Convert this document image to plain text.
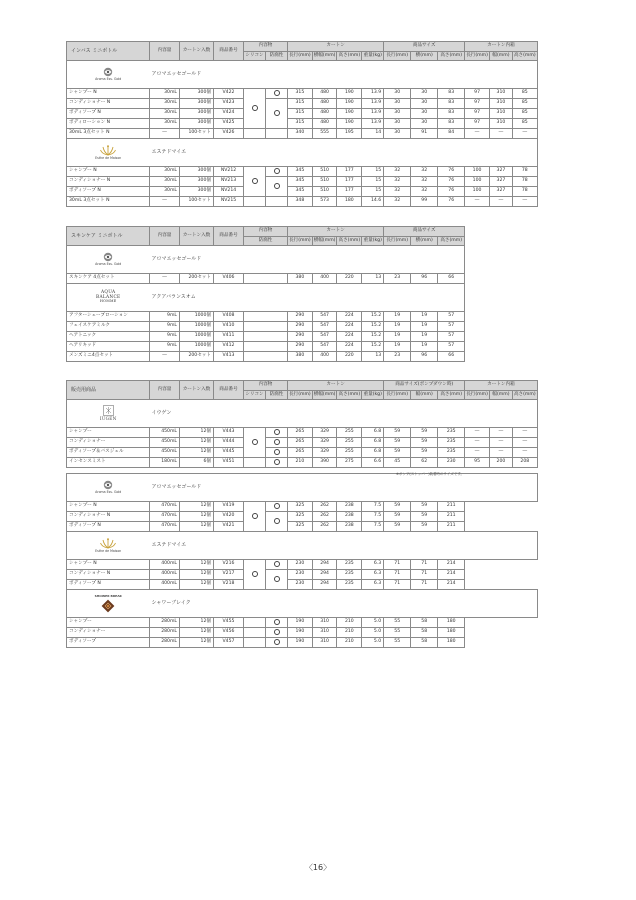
インバス ミニボトル	内容量	カートン入数	商品番号	内容物		カートン				商品サイズ			カートン内箱		
				シリコン	防腐性	長行(mm)	横幅(mm)	高さ(mm)	重量(kg)	長行(mm)	横(mm)	高さ(mm)	長行(mm)	幅(mm)	高さ(mm)

Aroma Ess. Gold	アロマエッセゴールド														
シャンプー N	30mL	300個	V422			315	480	190	13.9	30	30	83	97	310	85
コンディショナー N	30mL	300個	V423			315	480	190	13.9	30	30	83	97	310	85
ボディソープ N	30mL	300個	V424			315	480	190	13.9	30	30	83	97	310	85
ボディローション N	30mL	300個	V425			315	480	190	13.9	30	30	83	97	310	85
30mL 3点セット N	―	100セット	V426			340	555	195	14	30	91	84	―	―	―

Esthe de Maison	エステドマイエ														
シャンプー N	30mL	300個	NV212			345	510	177	15	32	32	76	100	327	78
コンディショナー N	30mL	300個	NV213			345	510	177	15	32	32	76	100	327	78
ボディソープ N	30mL	300個	NV214			345	510	177	15	32	32	76	100	327	78
30mL 3点セット N	―	100セット	NV215			348	573	180	14.6	32	99	76	―	―	―
スキンケア ミニボトル	内容量	カートン入数	商品番号	内容物	カートン				商品サイズ		
				防腐性	長行(mm)	横幅(mm)	高さ(mm)	重量(kg)	長行(mm)	横(mm)	高さ(mm)

Aroma Ess. Gold	アロマエッセゴールド										
スキンケア 4点セット	―	200セット	V406		380	400	220	13	23	96	66

AQUA
BALANCE
HOMME	アクアバランスオム										
アフターシェーブローション	9mL	1000個	V408		290	547	224	15.2	19	19	57
フェイスケアミルク	9mL	1000個	V410		290	547	224	15.2	19	19	57
ヘアトニック	9mL	1000個	V411		290	547	224	15.2	19	19	57
ヘアリキッド	9mL	1000個	V412		290	547	224	15.2	19	19	57
メンズミニ4点セット	―	200セット	V413		380	400	220	13	23	96	66
販売用商品	内容量	カートン入数	商品番号	内容物		カートン				商品サイズ(ポンプダウン時)			カートン内箱		
				シリコン	防腐性	長行(mm)	横幅(mm)	高さ(mm)	重量(kg)	長行(mm)	幅(mm)	高さ(mm)	長行(mm)	幅(mm)	高さ(mm)

IUGEN	イウゲン														
シャンプー	450mL	12個	V443			265	329	255	6.8	59	59	235	―	―	―
コンディショナー	450mL	12個	V444			265	329	255	6.8	59	59	235	―	―	―
ボディソープ＆バスジェル	450mL	12個	V445			265	329	255	6.8	59	59	235	―	―	―
インセンスミスト	180mL	6個	V451			210	390	275	6.6	45	62	230	95	200	208

Aroma Ess. Gold	アロマエッセゴールド														
シャンプー N	470mL	12個	V419			325	262	238	7.5	59	59	211			
コンディショナー N	470mL	12個	V420			325	262	238	7.5	59	59	211			
ボディソープ N	470mL	12個	V421			325	262	238	7.5	59	59	211			

Esthe de Maison	エステドマイエ														
シャンプー N	400mL	12個	V216			230	294	235	6.3	71	71	214			
コンディショナー N	400mL	12個	V217			230	294	235	6.3	71	71	214			
ボディソープ N	400mL	12個	V218			230	294	235	6.3	71	71	214			

SHOWER BREAK	シャワーブレイク														
シャンプー	280mL	12個	V455			190	310	210	5.0	55	58	180			
コンディショナー	280mL	12個	V456			190	310	210	5.0	55	58	180			
ボディソープ	280mL	12個	V457			190	310	210	5.0	55	58	180			
※ポンプ(ストッパー)装着時のサイズです。
〈16〉
